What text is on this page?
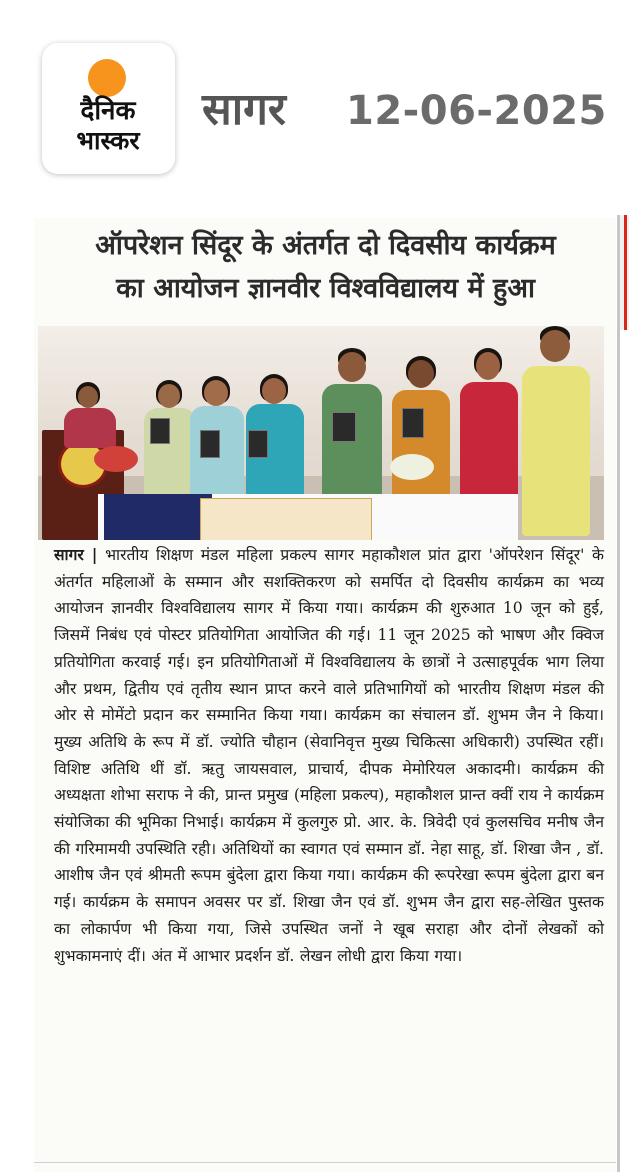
दैनिक
भास्कर
सागर 12-06-2025
ऑपरेशन सिंदूर के अंतर्गत दो दिवसीय कार्यक्रम
का आयोजन ज्ञानवीर विश्वविद्यालय में हुआ
सागर | भारतीय शिक्षण मंडल महिला प्रकल्प सागर महाकौशल प्रांत द्वारा 'ऑपरेशन सिंदूर' के अंतर्गत महिलाओं के सम्मान और सशक्तिकरण को समर्पित दो दिवसीय कार्यक्रम का भव्य आयोजन ज्ञानवीर विश्वविद्यालय सागर में किया गया। कार्यक्रम की शुरुआत 10 जून को हुई, जिसमें निबंध एवं पोस्टर प्रतियोगिता आयोजित की गई। 11 जून 2025 को भाषण और क्विज प्रतियोगिता करवाई गई। इन प्रतियोगिताओं में विश्वविद्यालय के छात्रों ने उत्साहपूर्वक भाग लिया और प्रथम, द्वितीय एवं तृतीय स्थान प्राप्त करने वाले प्रतिभागियों को भारतीय शिक्षण मंडल की ओर से मोमेंटो प्रदान कर सम्मानित किया गया। कार्यक्रम का संचालन डॉ. शुभम जैन ने किया। मुख्य अतिथि के रूप में डॉ. ज्योति चौहान (सेवानिवृत्त मुख्य चिकित्सा अधिकारी) उपस्थित रहीं। विशिष्ट अतिथि थीं डॉ. ऋतु जायसवाल, प्राचार्य, दीपक मेमोरियल अकादमी। कार्यक्रम की अध्यक्षता शोभा सराफ ने की, प्रान्त प्रमुख (महिला प्रकल्प), महाकौशल प्रान्त क्वीं राय ने कार्यक्रम संयोजिका की भूमिका निभाई। कार्यक्रम में कुलगुरु प्रो. आर. के. त्रिवेदी एवं कुलसचिव मनीष जैन की गरिमामयी उपस्थिति रही। अतिथियों का स्वागत एवं सम्मान डॉ. नेहा साहू, डॉ. शिखा जैन , डॉ. आशीष जैन एवं श्रीमती रूपम बुंदेला द्वारा किया गया। कार्यक्रम की रूपरेखा रूपम बुंदेला द्वारा बन गई। कार्यक्रम के समापन अवसर पर डॉ. शिखा जैन एवं डॉ. शुभम जैन द्वारा सह-लेखित पुस्तक का लोकार्पण भी किया गया, जिसे उपस्थित जनों ने खूब सराहा और दोनों लेखकों को शुभकामनाएं दीं। अंत में आभार प्रदर्शन डॉ. लेखन लोधी द्वारा किया गया।
